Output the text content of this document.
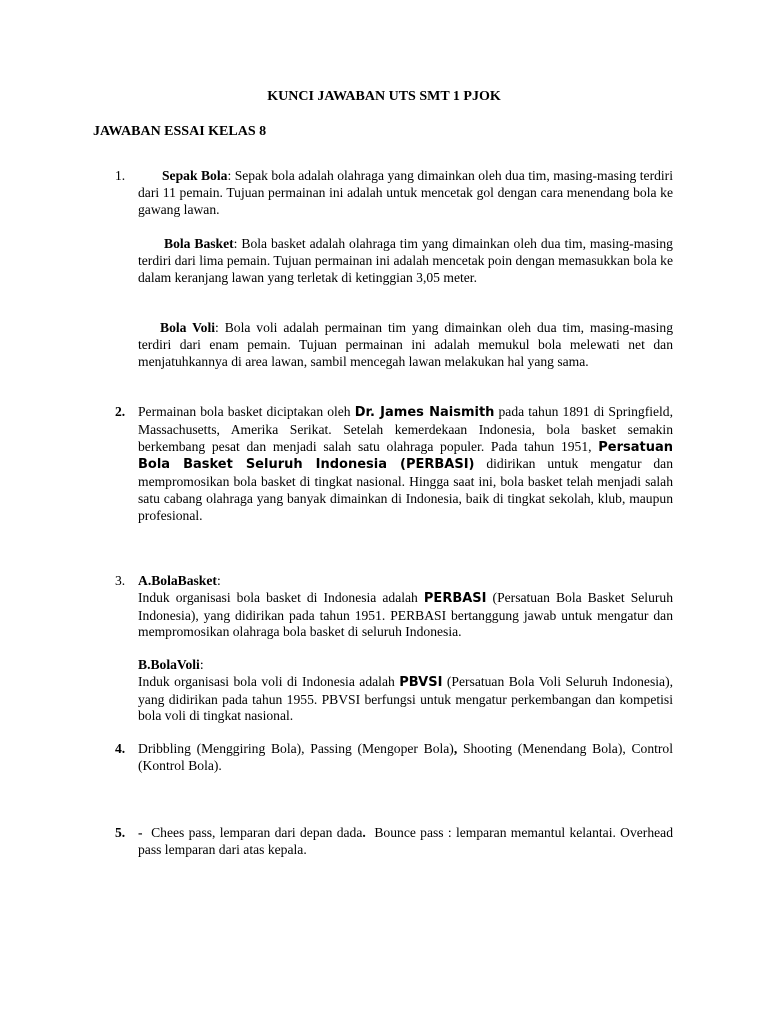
KUNCI JAWABAN UTS SMT 1 PJOK
JAWABAN ESSAI KELAS 8
1.	Sepak Bola: Sepak bola adalah olahraga yang dimainkan oleh dua tim, masing-masing terdiri dari 11 pemain. Tujuan permainan ini adalah untuk mencetak gol dengan cara menendang bola ke gawang lawan.

Bola Basket: Bola basket adalah olahraga tim yang dimainkan oleh dua tim, masing-masing terdiri dari lima pemain. Tujuan permainan ini adalah mencetak poin dengan memasukkan bola ke dalam keranjang lawan yang terletak di ketinggian 3,05 meter.

Bola Voli: Bola voli adalah permainan tim yang dimainkan oleh dua tim, masing-masing terdiri dari enam pemain. Tujuan permainan ini adalah memukul bola melewati net dan menjatuhkannya di area lawan, sambil mencegah lawan melakukan hal yang sama.

2. Permainan bola basket diciptakan oleh Dr. James Naismith pada tahun 1891 di Springfield, Massachusetts, Amerika Serikat. Setelah kemerdekaan Indonesia, bola basket semakin berkembang pesat dan menjadi salah satu olahraga populer. Pada tahun 1951, Persatuan Bola Basket Seluruh Indonesia (PERBASI) didirikan untuk mengatur dan mempromosikan bola basket di tingkat nasional. Hingga saat ini, bola basket telah menjadi salah satu cabang olahraga yang banyak dimainkan di Indonesia, baik di tingkat sekolah, klub, maupun profesional.

3. A.BolaBasket:

Induk organisasi bola basket di Indonesia adalah PERBASI (Persatuan Bola Basket Seluruh Indonesia), yang didirikan pada tahun 1951. PERBASI bertanggung jawab untuk mengatur dan mempromosikan olahraga bola basket di seluruh Indonesia.

B.BolaVoli:

Induk organisasi bola voli di Indonesia adalah PBVSI (Persatuan Bola Voli Seluruh Indonesia), yang didirikan pada tahun 1955. PBVSI berfungsi untuk mengatur perkembangan dan kompetisi bola voli di tingkat nasional.

4. Dribbling (Menggiring Bola), Passing (Mengoper Bola), Shooting (Menendang Bola), Control (Kontrol Bola).

5. -  Chees pass, lemparan dari depan dada.  Bounce pass : lemparan memantul kelantai. Overhead pass lemparan dari atas kepala.
